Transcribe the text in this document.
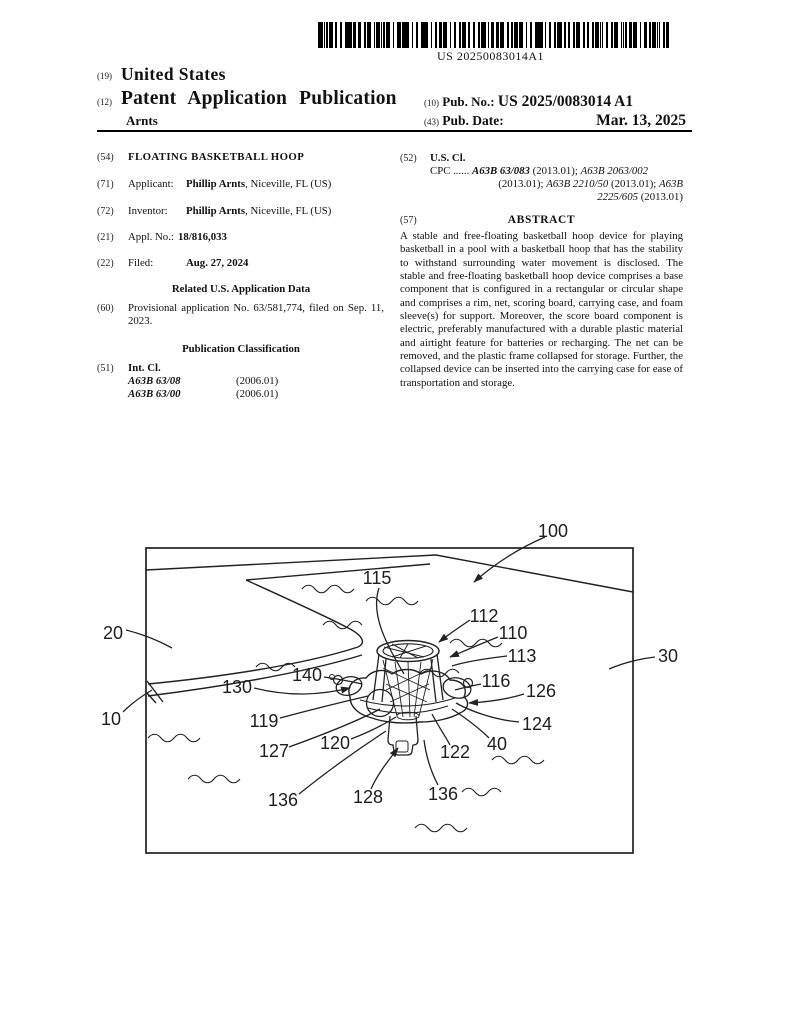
US 20250083014A1
(19) United States
(12) Patent Application Publication
Arnts
(10) Pub. No.: US 2025/0083014 A1
(43) Pub. Date:	Mar. 13, 2025
(54) FLOATING BASKETBALL HOOP
(71) Applicant: Phillip Arnts, Niceville, FL (US)
(72) Inventor: Phillip Arnts, Niceville, FL (US)
(21) Appl. No.: 18/816,033
(22) Filed:	Aug. 27, 2024
Related U.S. Application Data
(60) Provisional application No. 63/581,774, filed on Sep. 11, 2023.
Publication Classification
(51) Int. Cl.
A63B 63/08	(2006.01)
A63B 63/00	(2006.01)
(52) U.S. Cl.
CPC ...... A63B 63/083 (2013.01); A63B 2063/002
(2013.01); A63B 2210/50 (2013.01); A63B
2225/605 (2013.01)
(57)	ABSTRACT
A stable and free-floating basketball hoop device for playing basketball in a pool with a basketball hoop that has the stability to withstand surrounding water movement is disclosed. The stable and free-floating basketball hoop device comprises a base component that is configured in a rectangular or circular shape and comprises a rim, net, scoring board, carrying case, and foam sleeve(s) for support. Moreover, the score board component is electric, preferably manufactured with a durable plastic material and airtight feature for batteries or recharging. The net can be removed, and the plastic frame collapsed for storage. Further, the collapsed device can be inserted into the carrying case for ease of transportation and storage.
100
115
112
110
113
20
30
140
130	116 126
10	119	124
127 120	40
122
136	128 136
